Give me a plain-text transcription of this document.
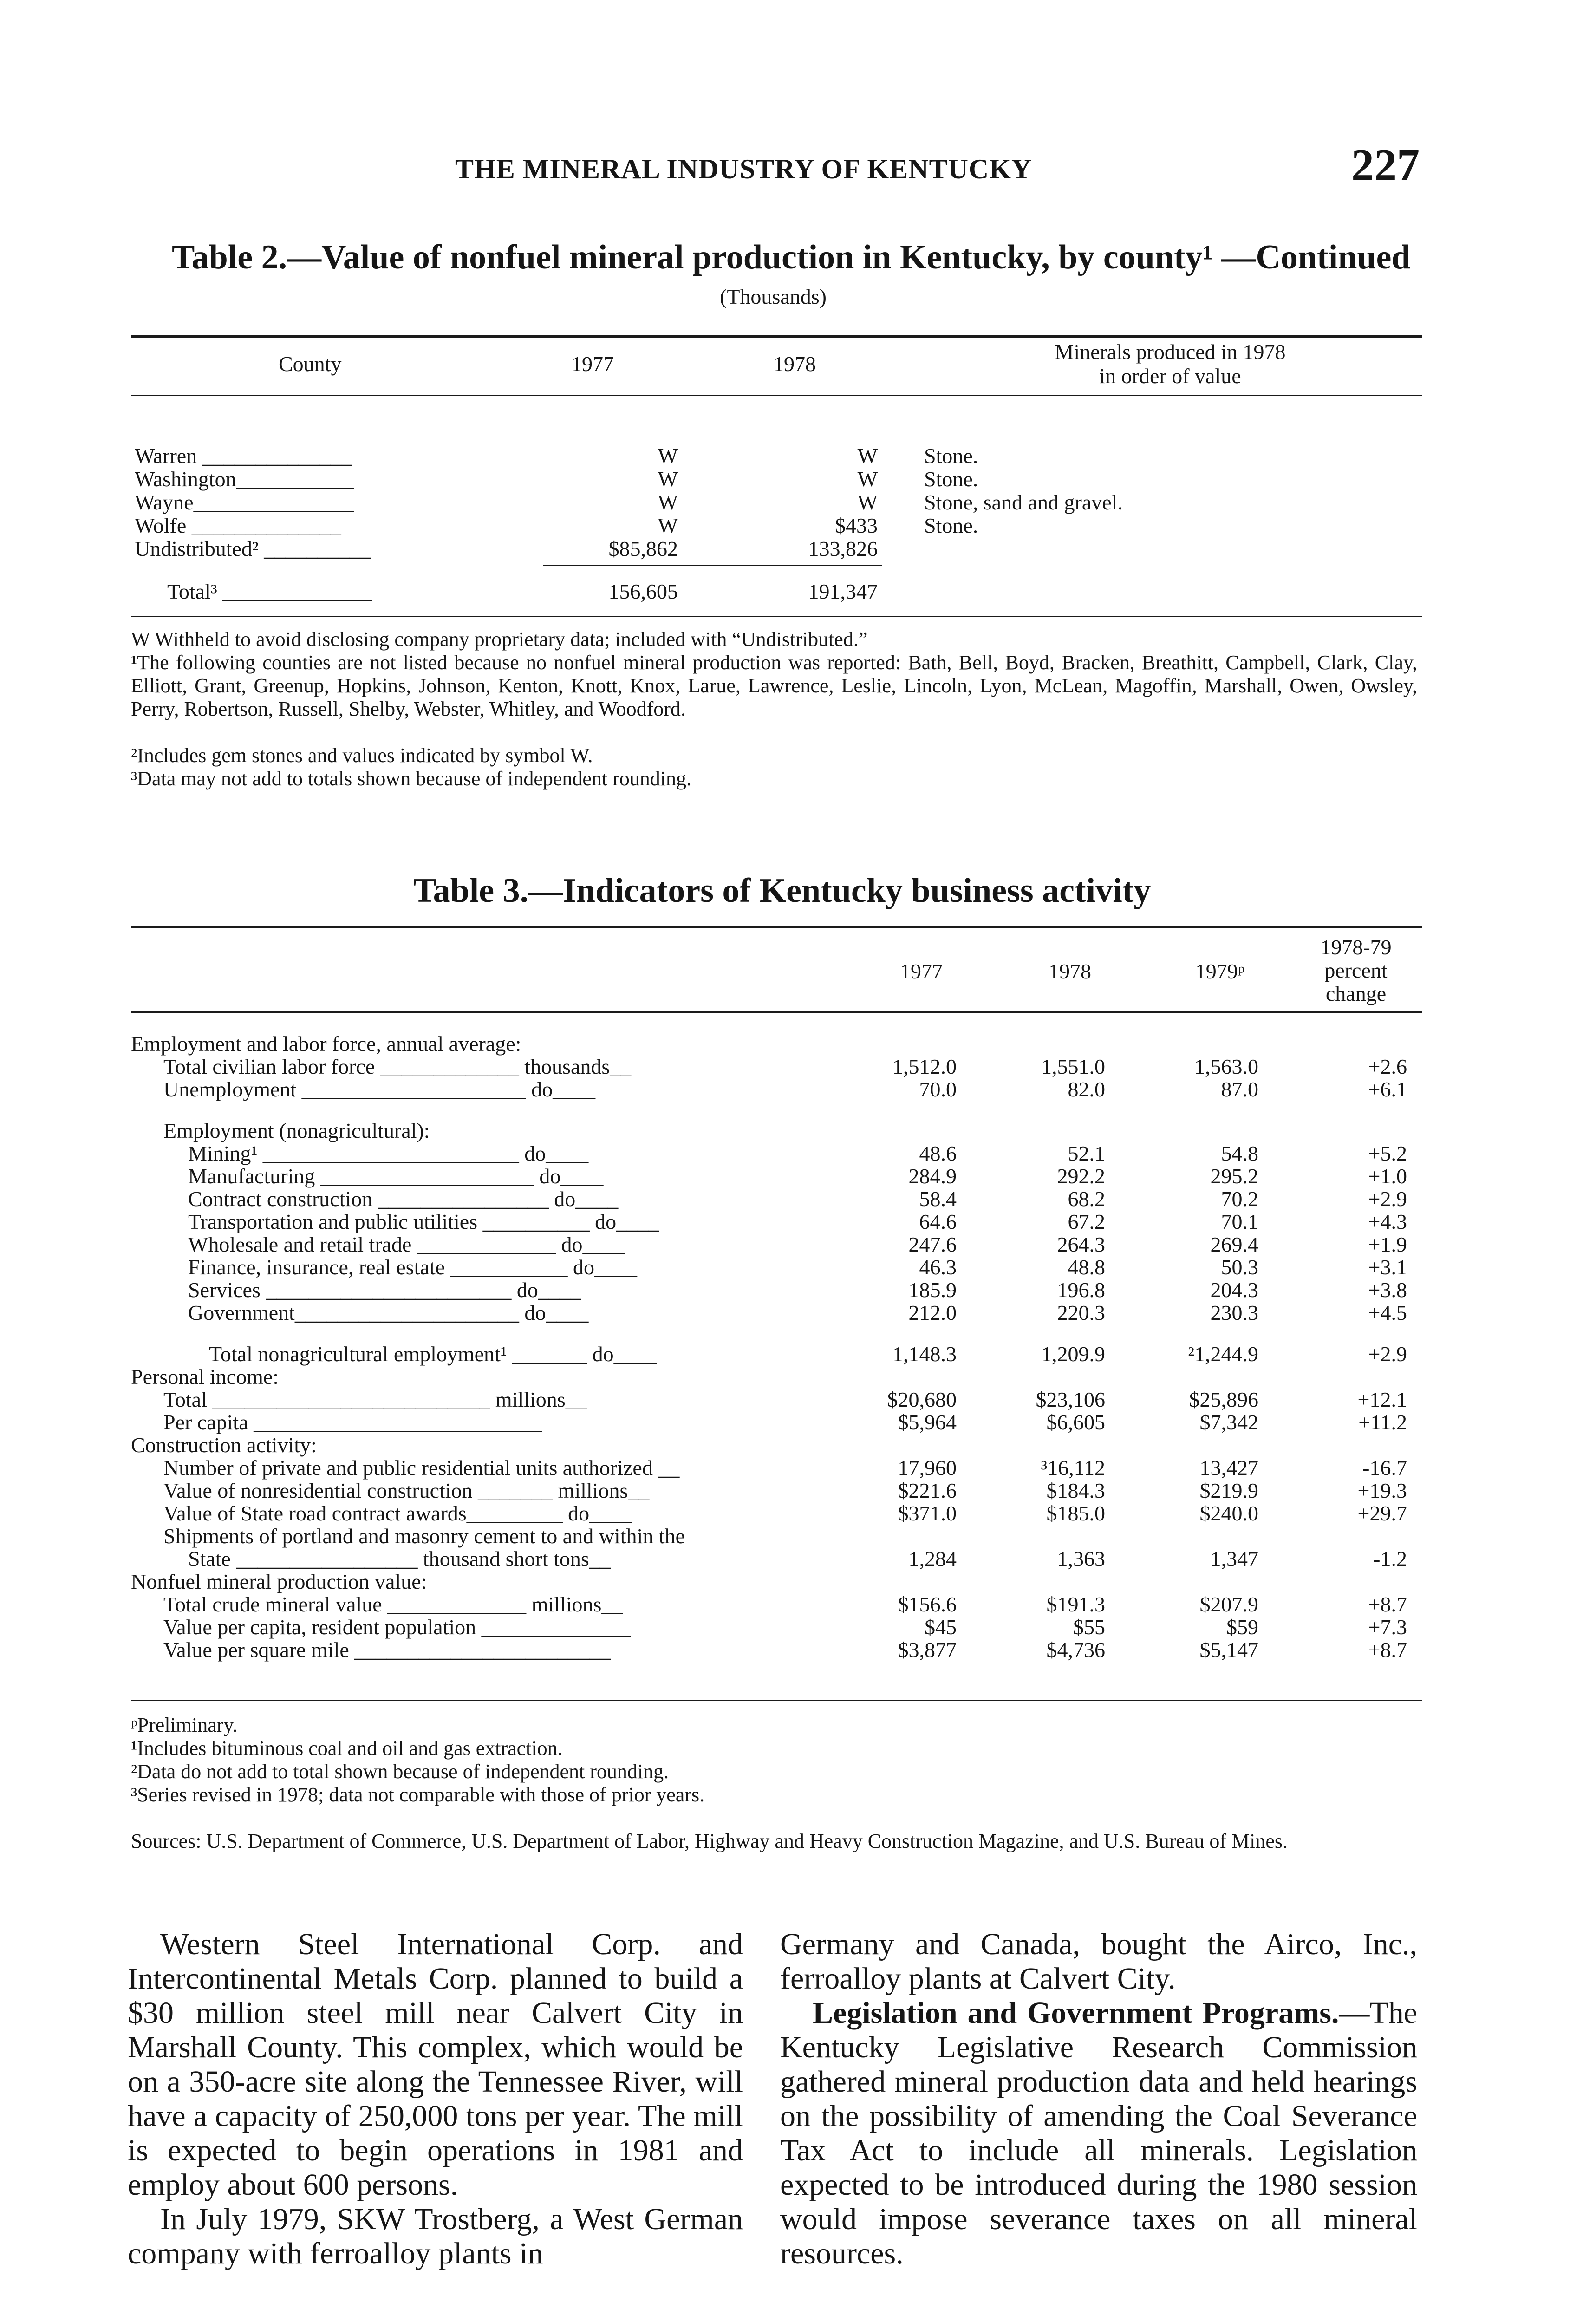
THE MINERAL INDUSTRY OF KENTUCKY	227
Table 2.—Value of nonfuel mineral production in Kentucky, by county¹ —Continued
(Thousands)
County	1977	1978
Minerals produced in 1978
in order of value
Warren ______________	W	W Stone.
Washington___________	W	W Stone.
Wayne_______________	W	W Stone, sand and gravel.
Wolfe ______________	W	$433 Stone.
Undistributed² __________	$85,862	133,826
Total³ ______________	156,605	191,347
W Withheld to avoid disclosing company proprietary data; included with “Undistributed.”
¹The following counties are not listed because no nonfuel mineral production was reported: Bath, Bell, Boyd, Bracken, Breathitt, Campbell, Clark, Clay, Elliott, Grant, Greenup, Hopkins, Johnson, Kenton, Knott, Knox, Larue, Lawrence, Leslie, Lincoln, Lyon, McLean, Magoffin, Marshall, Owen, Owsley, Perry, Robertson, Russell, Shelby, Webster, Whitley, and Woodford.
²Includes gem stones and values indicated by symbol W.
³Data may not add to totals shown because of independent rounding.
Table 3.—Indicators of Kentucky business activity
1977	1978	1979ᵖ
1978-79
percent
change
Employment and labor force, annual average:
Total civilian labor force _____________ thousands__	1,512.0	1,551.0	1,563.0	+2.6
Unemployment _____________________ do____	70.0	82.0	87.0	+6.1
Employment (nonagricultural):
Mining¹ ________________________ do____	48.6	52.1	54.8	+5.2
Manufacturing ____________________ do____	284.9	292.2	295.2	+1.0
Contract construction ________________ do____	58.4	68.2	70.2	+2.9
Transportation and public utilities __________ do____	64.6	67.2	70.1	+4.3
Wholesale and retail trade _____________ do____	247.6	264.3	269.4	+1.9
Finance, insurance, real estate ___________ do____	46.3	48.8	50.3	+3.1
Services _______________________ do____	185.9	196.8	204.3	+3.8
Government_____________________ do____	212.0	220.3	230.3	+4.5
Total nonagricultural employment¹ _______ do____	1,148.3	1,209.9	²1,244.9	+2.9
Personal income:
Total __________________________ millions__	$20,680	$23,106	$25,896	+12.1
Per capita ___________________________	$5,964	$6,605	$7,342	+11.2
Construction activity:
Number of private and public residential units authorized __	17,960	³16,112	13,427	-16.7
Value of nonresidential construction _______ millions__	$221.6	$184.3	$219.9	+19.3
Value of State road contract awards_________ do____	$371.0	$185.0	$240.0	+29.7
Shipments of portland and masonry cement to and within the
State _________________ thousand short tons__	1,284	1,363	1,347	-1.2
Nonfuel mineral production value:
Total crude mineral value _____________ millions__	$156.6	$191.3	$207.9	+8.7
Value per capita, resident population ______________	$45	$55	$59	+7.3
Value per square mile ________________________	$3,877	$4,736	$5,147	+8.7
ᵖPreliminary.
¹Includes bituminous coal and oil and gas extraction.
²Data do not add to total shown because of independent rounding.
³Series revised in 1978; data not comparable with those of prior years.
Sources: U.S. Department of Commerce, U.S. Department of Labor, Highway and Heavy Construction Magazine, and U.S. Bureau of Mines.
Western Steel International Corp. and Intercontinental Metals Corp. planned to build a $30 million steel mill near Calvert City in Marshall County. This complex, which would be on a 350-acre site along the Tennessee River, will have a capacity of 250,000 tons per year. The mill is expected to begin operations in 1981 and employ about 600 persons.
In July 1979, SKW Trostberg, a West German company with ferroalloy plants in
Germany and Canada, bought the Airco, Inc., ferroalloy plants at Calvert City.
Legislation and Government Programs.—The Kentucky Legislative Research Commission gathered mineral production data and held hearings on the possibility of amending the Coal Severance Tax Act to include all minerals. Legislation expected to be introduced during the 1980 session would impose severance taxes on all mineral resources.
